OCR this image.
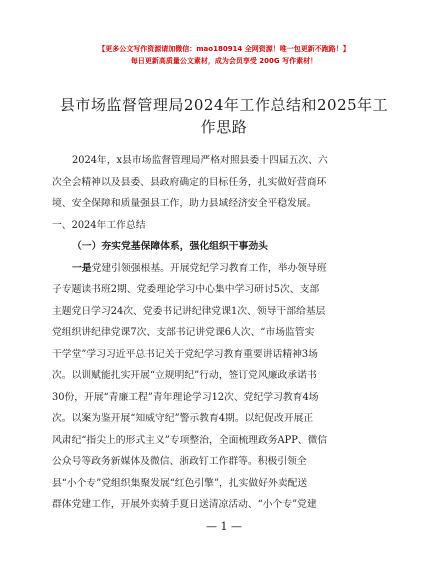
【更多公文写作资源请加微信：mao180914 全网资源！唯一包更新不跑路！】
每日更新高质量公文素材，成为会员享受 200G 写作素材！
县市场监督管理局2024年工作总结和2025年工
作思路
2024年，x县市场监督管理局严格对照县委十四届五次、六
次全会精神以及县委、县政府确定的目标任务，扎实做好营商环
境、安全保障和质量强县工作，助力县域经济安全平稳发展。
一、2024年工作总结
（一）夯实党基保障体系，强化组织干事劲头
一是党建引领强根基。开展党纪学习教育工作，举办领导班
子专题读书班2期、党委理论学习中心集中学习研讨5次、支部
主题党日学习24次、党委书记讲纪律党课1次、领导干部给基层
党组织讲纪律党课7次、支部书记讲党课6人次、“市场监管实
干学堂”学习习近平总书记关于党纪学习教育重要讲话精神3场
次。以训赋能扎实开展“立规明纪”行动，签订党风廉政承诺书
30份，开展“青廉工程”青年理论学习12次、党纪学习教育4场
次。以案为鉴开展“知威守纪”警示教育4期。以纪促改开展正
风肃纪“指尖上的形式主义”专项整治，全面梳理政务APP、微信
公众号等政务新媒体及微信、浙政钉工作群等。积极引领全
县“小个专”党组织集聚发展“红色引擎”，扎实做好外卖配送
群体党建工作，开展外卖骑手夏日送清凉活动、“小个专”党建
— 1 —
